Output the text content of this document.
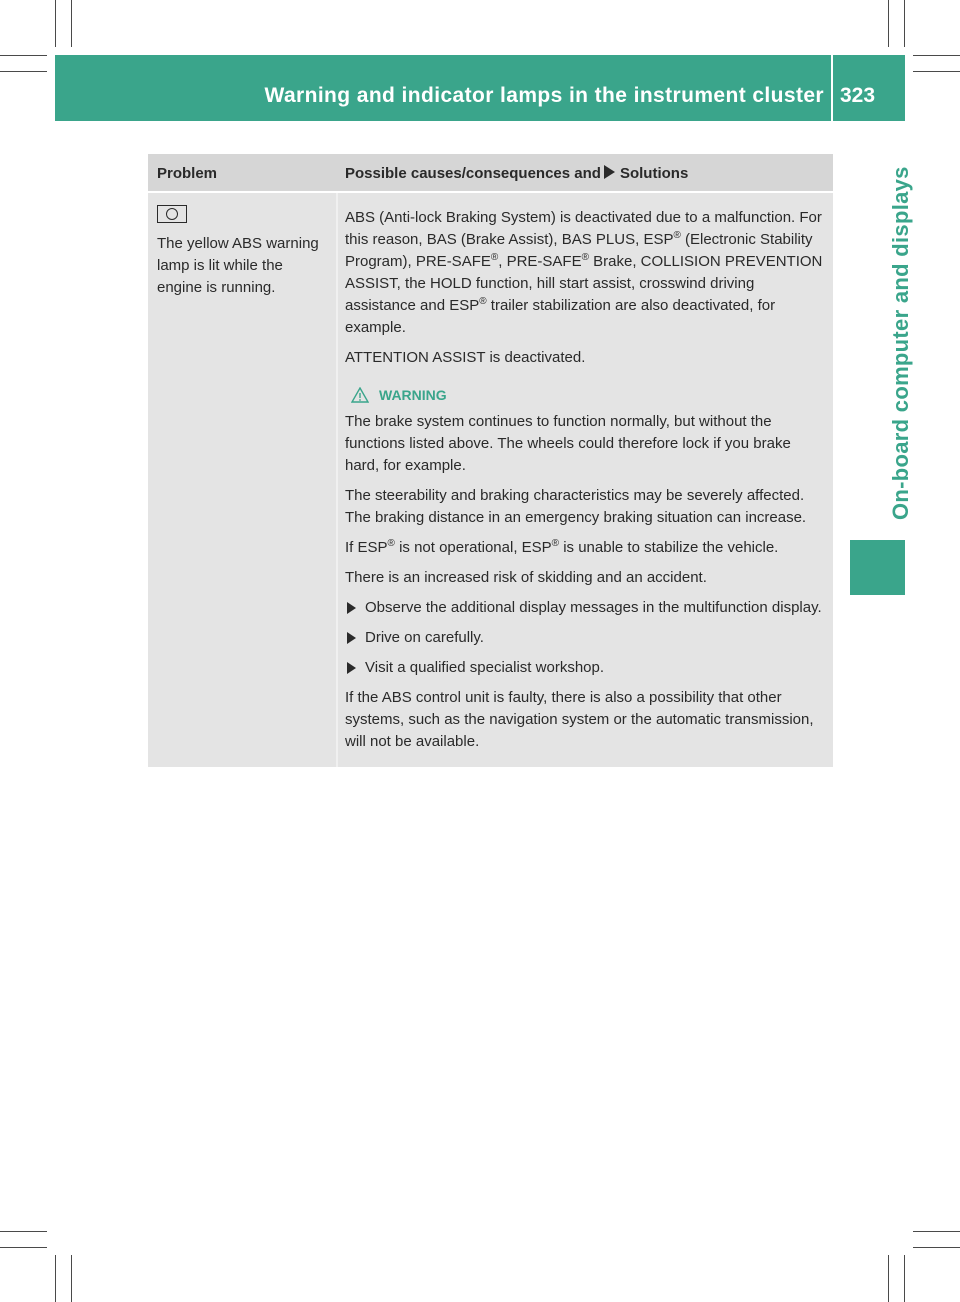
Warning and indicator lamps in the instrument cluster 323
On-board computer and displays
Problem	Possible causes/consequences and Solutions
The yellow ABS warning lamp is lit while the engine is running.

ABS (Anti-lock Braking System) is deactivated due to a malfunction. For this reason, BAS (Brake Assist), BAS PLUS, ESP® (Electronic Stability Program), PRE-SAFE®, PRE-SAFE® Brake, COLLISION PREVENTION ASSIST, the HOLD function, hill start assist, crosswind driving assistance and ESP® trailer stabilization are also deactivated, for example.

ATTENTION ASSIST is deactivated.

WARNING

The brake system continues to function normally, but without the functions listed above. The wheels could therefore lock if you brake hard, for example.

The steerability and braking characteristics may be severely affected. The braking distance in an emergency braking situation can increase.

If ESP® is not operational, ESP® is unable to stabilize the vehicle.

There is an increased risk of skidding and an accident.

Observe the additional display messages in the multifunction display.

Drive on carefully.

Visit a qualified specialist workshop.

If the ABS control unit is faulty, there is also a possibility that other systems, such as the navigation system or the automatic transmission, will not be available.
